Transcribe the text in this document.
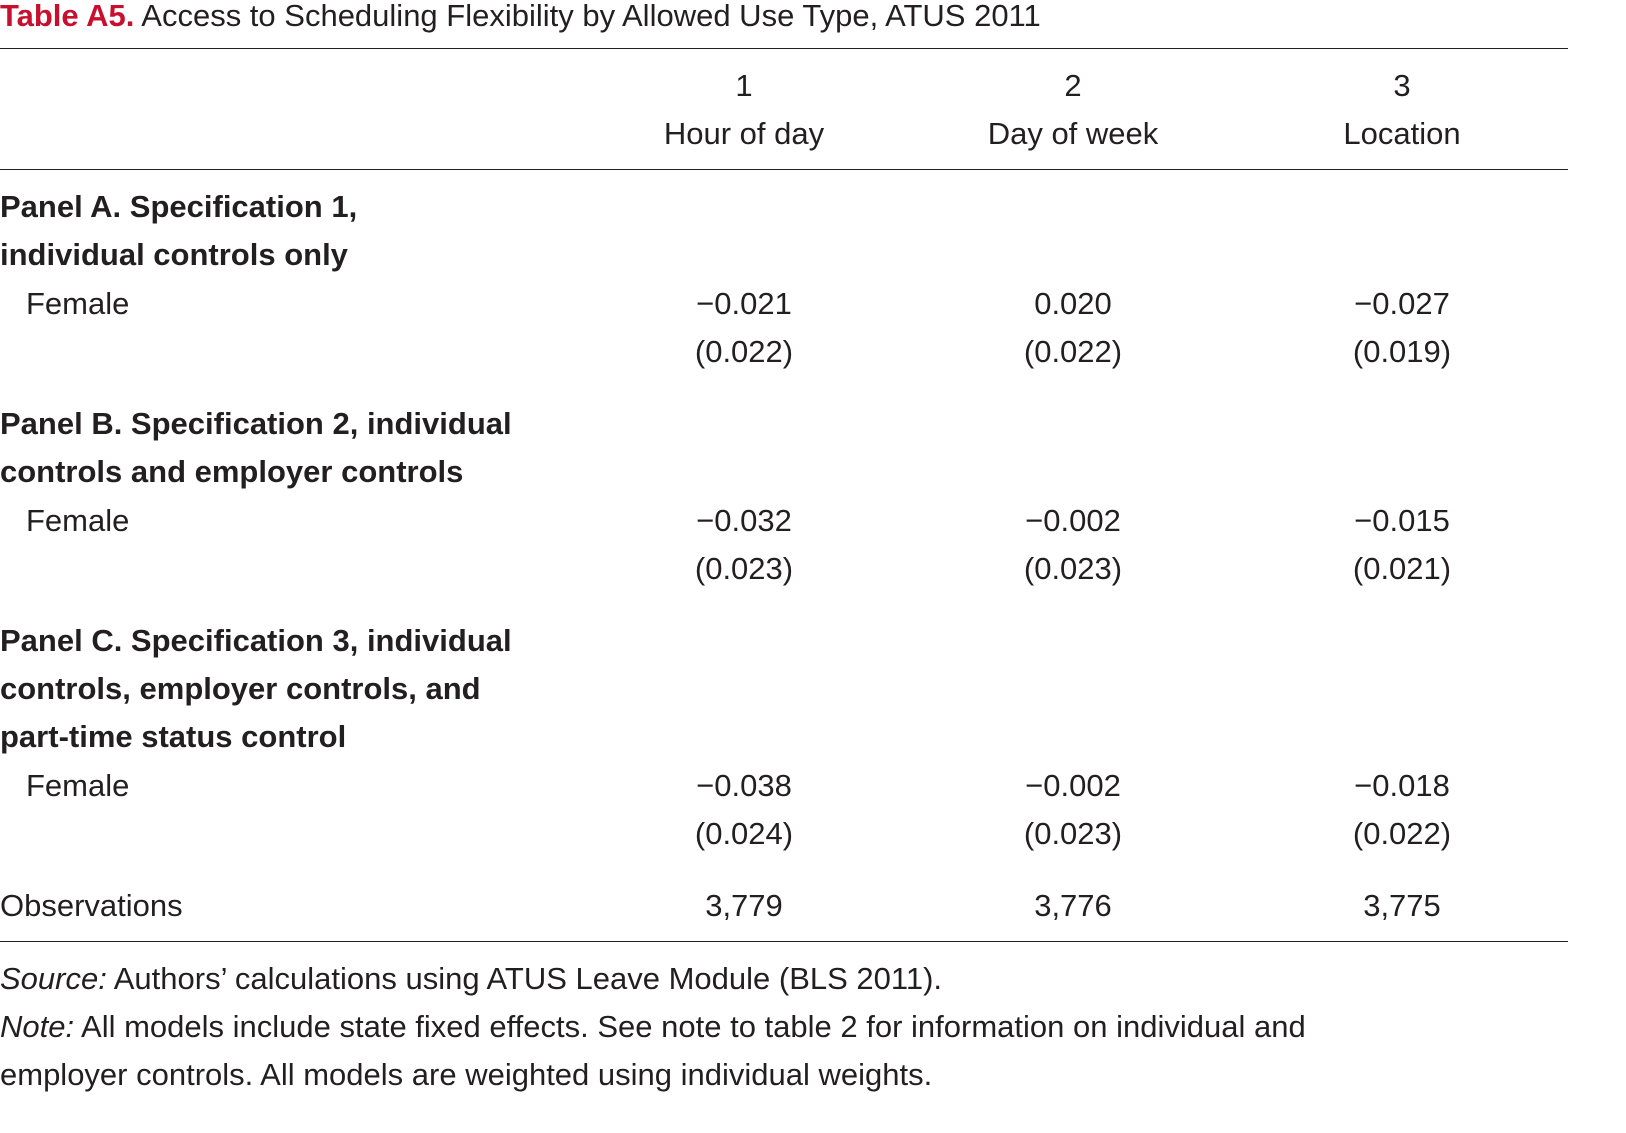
Table A5. Access to Scheduling Flexibility by Allowed Use Type, ATUS 2011
1	2	3
Hour of day	Day of week	Location
Panel A. Specification 1,
individual controls only
Female	−0.021	0.020	−0.027
(0.022)	(0.022)	(0.019)
Panel B. Specification 2, individual
controls and employer controls
Female	−0.032	−0.002	−0.015
(0.023)	(0.023)	(0.021)
Panel C. Specification 3, individual
controls, employer controls, and
part-time status control
Female	−0.038	−0.002	−0.018
(0.024)	(0.023)	(0.022)
Observations	3,779	3,776	3,775
Source: Authors’ calculations using ATUS Leave Module (BLS 2011).
Note: All models include state fixed effects. See note to table 2 for information on individual and
employer controls. All models are weighted using individual weights.
